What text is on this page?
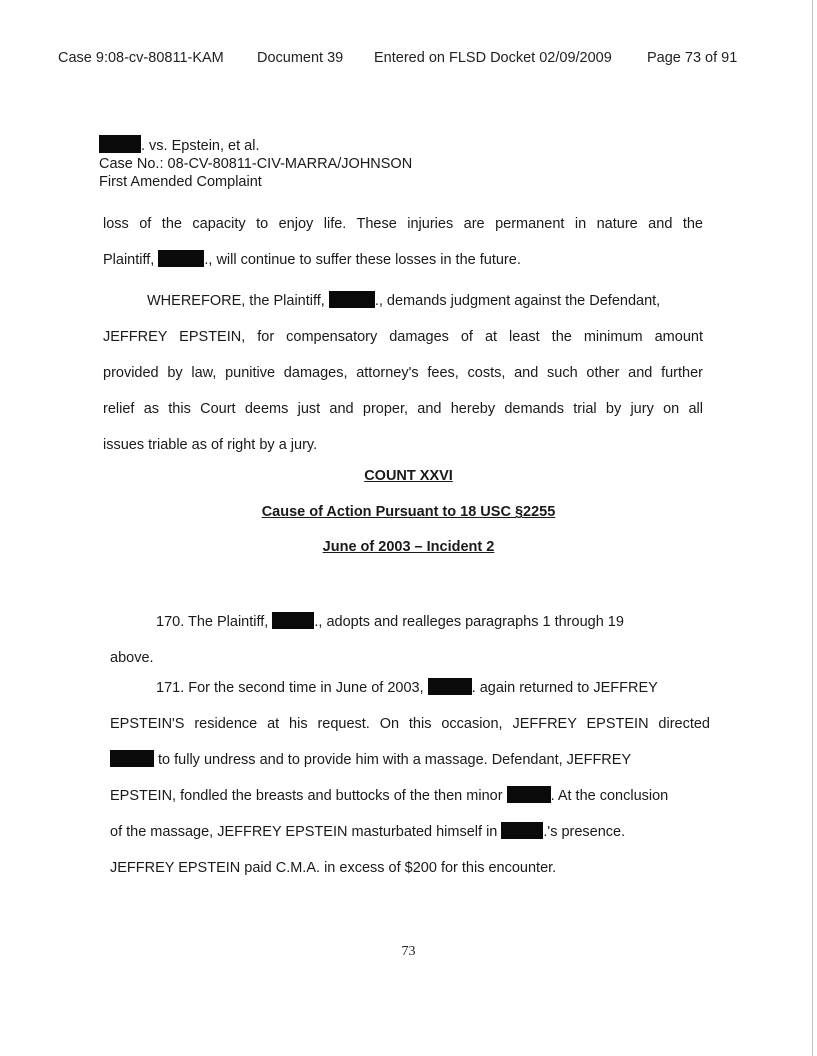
Case 9:08-cv-80811-KAM Document 39 Entered on FLSD Docket 02/09/2009 Page 73 of 91
. vs. Epstein, et al.
Case No.: 08-CV-80811-CIV-MARRA/JOHNSON
First Amended Complaint
loss of the capacity to enjoy life. These injuries are permanent in nature and the
Plaintiff,	., will continue to suffer these losses in the future.
WHEREFORE, the Plaintiff,	., demands judgment against the Defendant,
JEFFREY EPSTEIN, for compensatory damages of at least the minimum amount
provided by law, punitive damages, attorney's fees, costs, and such other and further
relief as this Court deems just and proper, and hereby demands trial by jury on all
issues triable as of right by a jury.
COUNT XXVI
Cause of Action Pursuant to 18 USC §2255
June of 2003 – Incident 2
170. The Plaintiff,	., adopts and realleges paragraphs 1 through 19
above.
171. For the second time in June of 2003,	. again returned to JEFFREY
EPSTEIN'S residence at his request. On this occasion, JEFFREY EPSTEIN directed
to fully undress and to provide him with a massage. Defendant, JEFFREY
EPSTEIN, fondled the breasts and buttocks of the then minor	. At the conclusion
of the massage, JEFFREY EPSTEIN masturbated himself in	.'s presence.
JEFFREY EPSTEIN paid C.M.A. in excess of $200 for this encounter.
73
